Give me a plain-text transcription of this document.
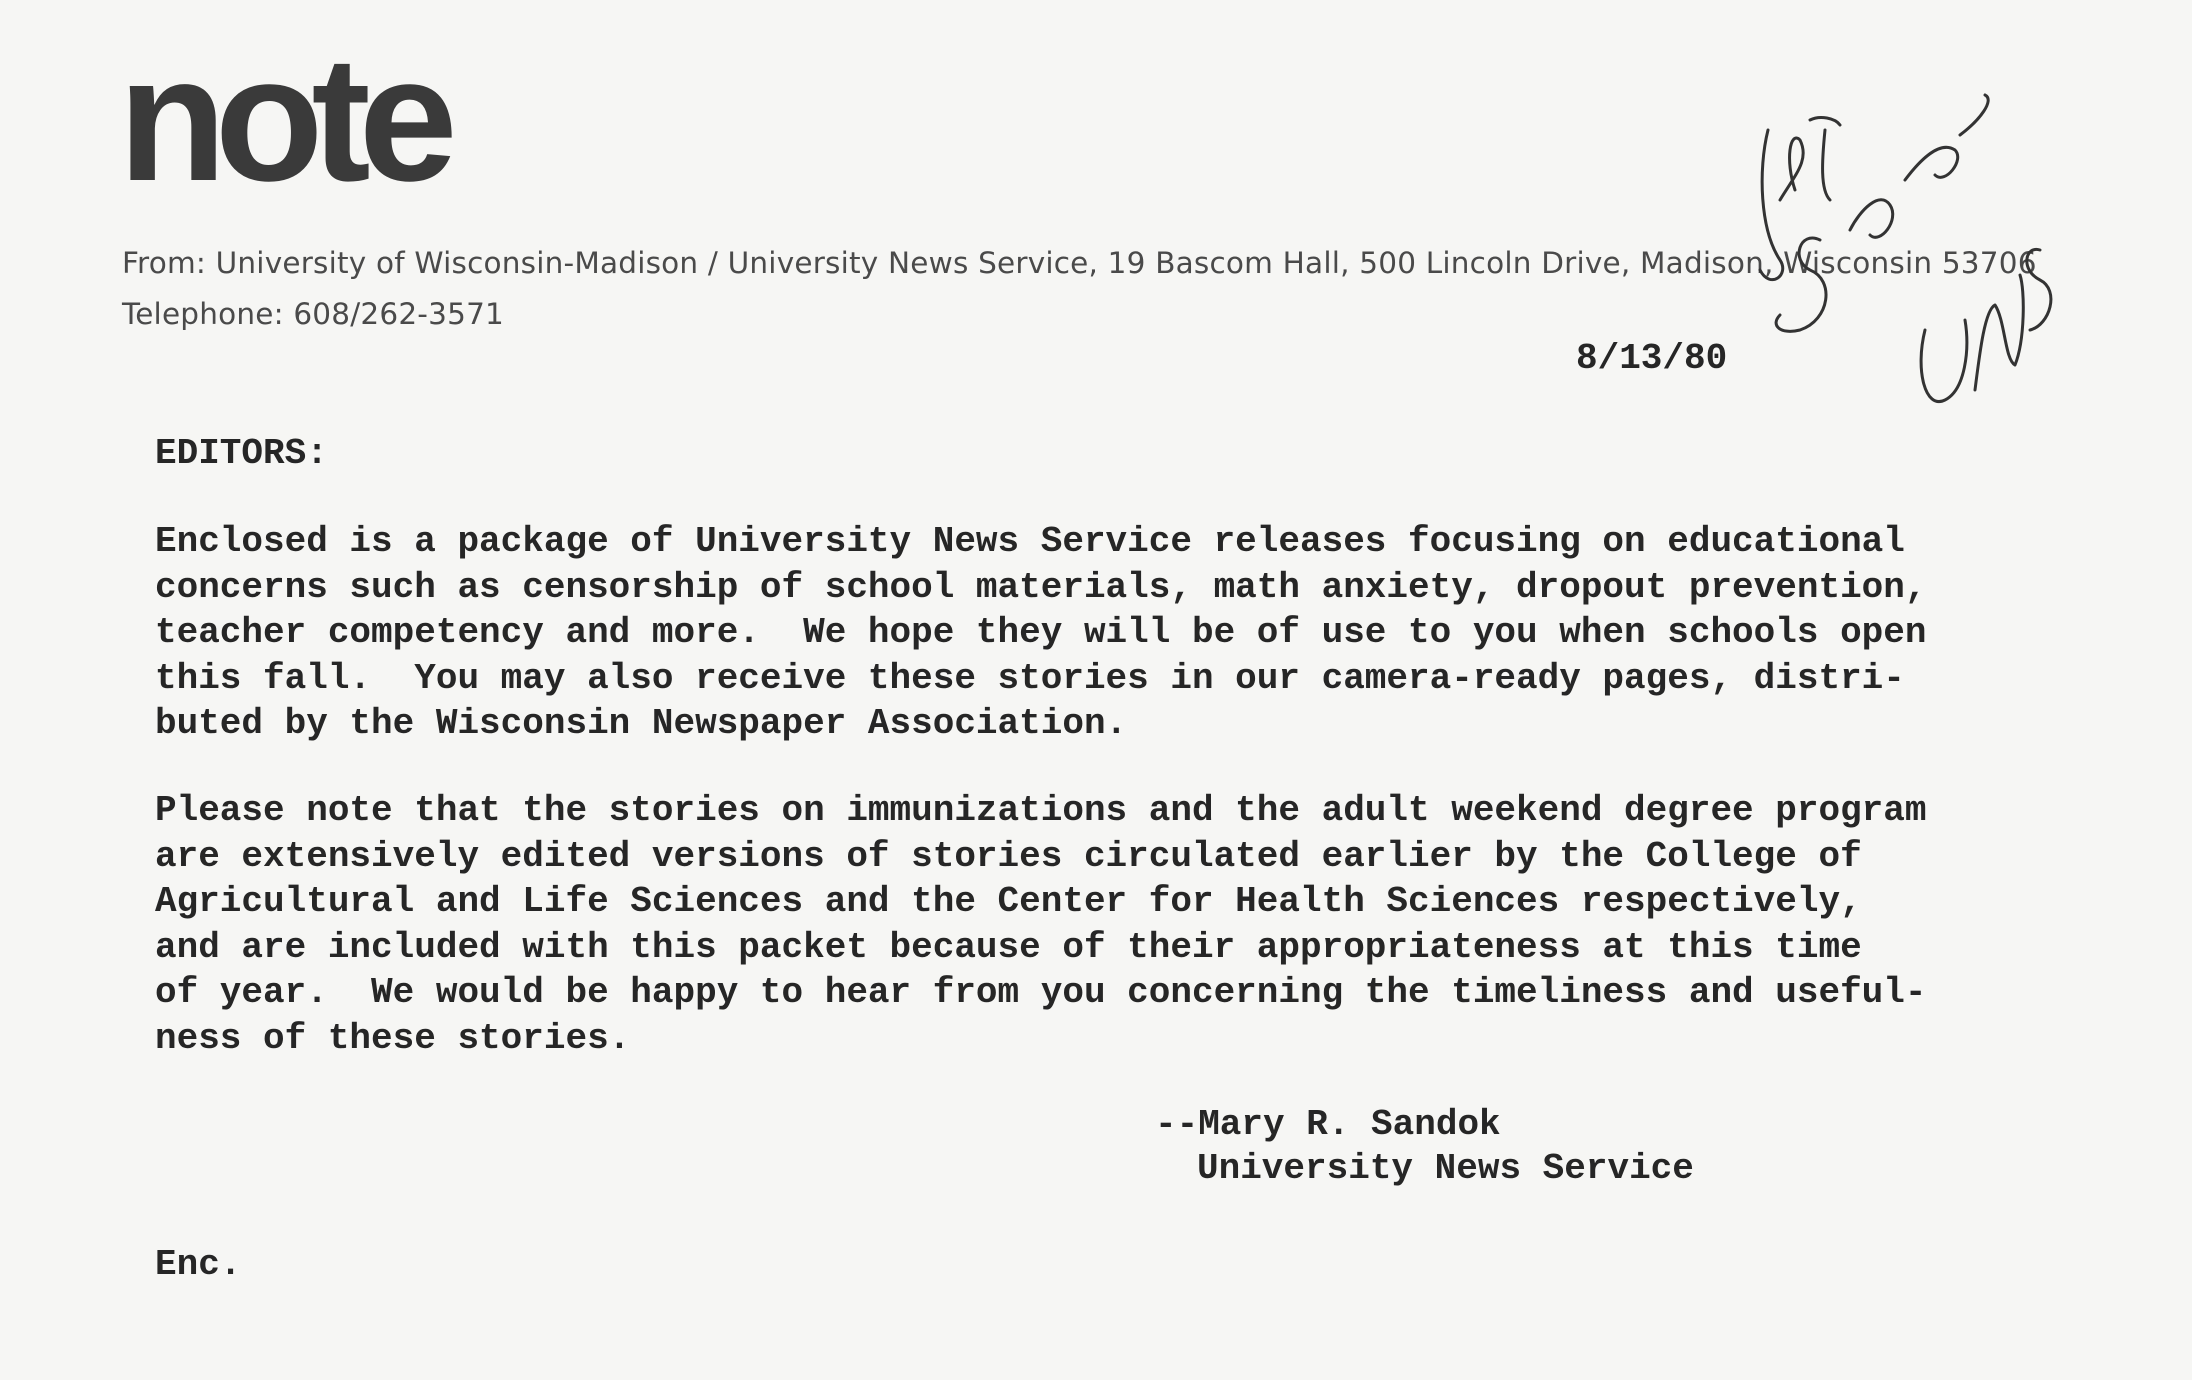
note
From: University of Wisconsin-Madison / University News Service, 19 Bascom Hall, 500 Lincoln Drive, Madison, Wisconsin 53706
Telephone: 608/262-3571
8/13/80
EDITORS:
Enclosed is a package of University News Service releases focusing on educational
concerns such as censorship of school materials, math anxiety, dropout prevention,
teacher competency and more.  We hope they will be of use to you when schools open
this fall.  You may also receive these stories in our camera-ready pages, distri-
buted by the Wisconsin Newspaper Association.
Please note that the stories on immunizations and the adult weekend degree program
are extensively edited versions of stories circulated earlier by the College of
Agricultural and Life Sciences and the Center for Health Sciences respectively,
and are included with this packet because of their appropriateness at this time
of year.  We would be happy to hear from you concerning the timeliness and useful-
ness of these stories.
--Mary R. Sandok
University News Service
Enc.
